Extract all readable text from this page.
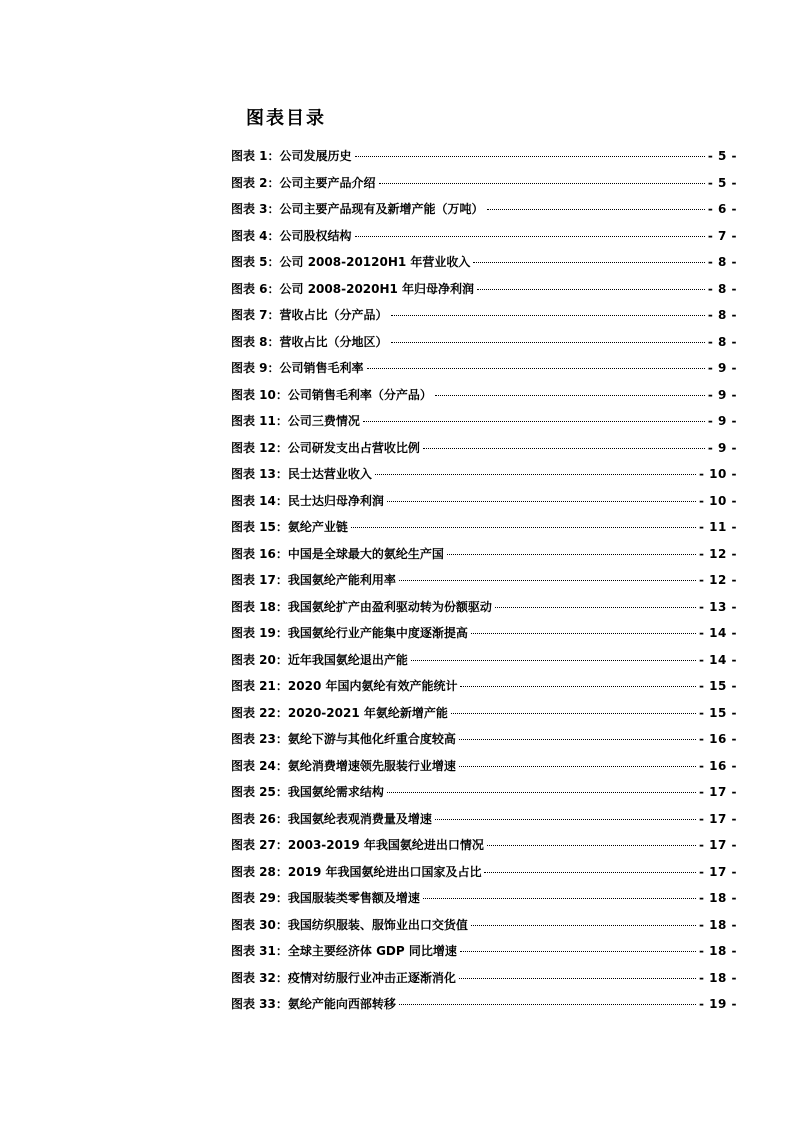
图表目录
图表 1： 公司发展历史	- 5 -
图表 2： 公司主要产品介绍	- 5 -
图表 3： 公司主要产品现有及新增产能（万吨）	- 6 -
图表 4： 公司股权结构	- 7 -
图表 5： 公司 2008-20120H1 年营业收入	- 8 -
图表 6： 公司 2008-2020H1 年归母净利润	- 8 -
图表 7： 营收占比（分产品）	- 8 -
图表 8： 营收占比（分地区）	- 8 -
图表 9： 公司销售毛利率	- 9 -
图表 10： 公司销售毛利率（分产品）	- 9 -
图表 11： 公司三费情况	- 9 -
图表 12： 公司研发支出占营收比例	- 9 -
图表 13： 民士达营业收入	- 10 -
图表 14： 民士达归母净利润	- 10 -
图表 15： 氨纶产业链	- 11 -
图表 16： 中国是全球最大的氨纶生产国	- 12 -
图表 17： 我国氨纶产能利用率	- 12 -
图表 18： 我国氨纶扩产由盈利驱动转为份额驱动	- 13 -
图表 19： 我国氨纶行业产能集中度逐渐提高	- 14 -
图表 20： 近年我国氨纶退出产能	- 14 -
图表 21： 2020 年国内氨纶有效产能统计	- 15 -
图表 22： 2020-2021 年氨纶新增产能	- 15 -
图表 23： 氨纶下游与其他化纤重合度较高	- 16 -
图表 24： 氨纶消费增速领先服装行业增速	- 16 -
图表 25： 我国氨纶需求结构	- 17 -
图表 26： 我国氨纶表观消费量及增速	- 17 -
图表 27： 2003-2019 年我国氨纶进出口情况	- 17 -
图表 28： 2019 年我国氨纶进出口国家及占比	- 17 -
图表 29： 我国服装类零售额及增速	- 18 -
图表 30： 我国纺织服装、服饰业出口交货值	- 18 -
图表 31： 全球主要经济体 GDP 同比增速	- 18 -
图表 32： 疫情对纺服行业冲击正逐渐消化	- 18 -
图表 33： 氨纶产能向西部转移	- 19 -
